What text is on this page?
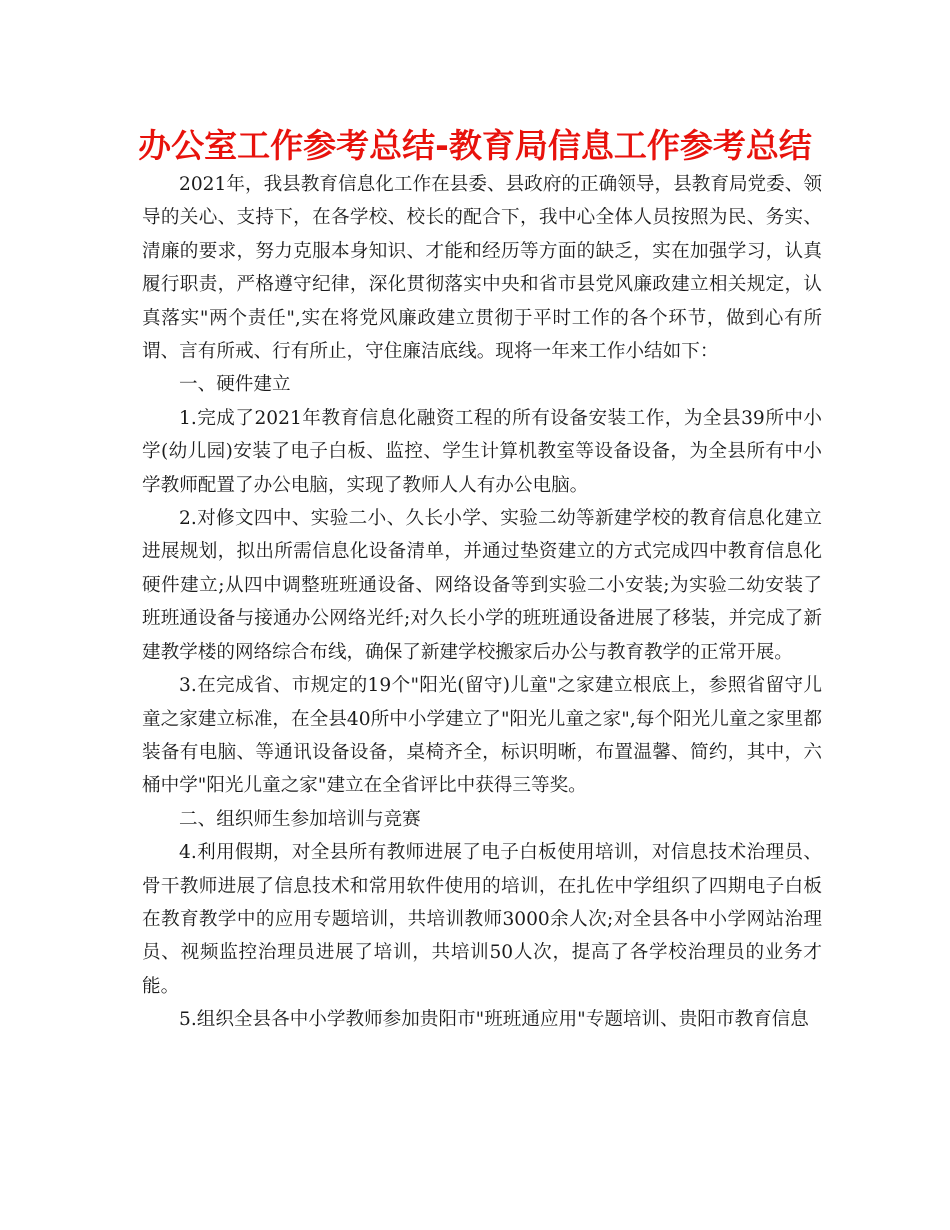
办公室工作参考总结-教育局信息工作参考总结

2021年，我县教育信息化工作在县委、县政府的正确领导，县教育局党委、领导的关心、支持下，在各学校、校长的配合下，我中心全体人员按照为民、务实、清廉的要求，努力克服本身知识、才能和经历等方面的缺乏，实在加强学习，认真履行职责，严格遵守纪律，深化贯彻落实中央和省市县党风廉政建立相关规定，认真落实"两个责任",实在将党风廉政建立贯彻于平时工作的各个环节，做到心有所谓、言有所戒、行有所止，守住廉洁底线。现将一年来工作小结如下：

一、硬件建立

1.完成了2021年教育信息化融资工程的所有设备安装工作，为全县39所中小学(幼儿园)安装了电子白板、监控、学生计算机教室等设备设备，为全县所有中小学教师配置了办公电脑，实现了教师人人有办公电脑。

2.对修文四中、实验二小、久长小学、实验二幼等新建学校的教育信息化建立进展规划，拟出所需信息化设备清单，并通过垫资建立的方式完成四中教育信息化硬件建立;从四中调整班班通设备、网络设备等到实验二小安装;为实验二幼安装了班班通设备与接通办公网络光纤;对久长小学的班班通设备进展了移装，并完成了新建教学楼的网络综合布线，确保了新建学校搬家后办公与教育教学的正常开展。

3.在完成省、市规定的19个"阳光(留守)儿童"之家建立根底上，参照省留守儿童之家建立标准，在全县40所中小学建立了"阳光儿童之家",每个阳光儿童之家里都装备有电脑、等通讯设备设备，桌椅齐全，标识明晰，布置温馨、简约，其中，六桶中学"阳光儿童之家"建立在全省评比中获得三等奖。

二、组织师生参加培训与竞赛

4.利用假期，对全县所有教师进展了电子白板使用培训，对信息技术治理员、骨干教师进展了信息技术和常用软件使用的培训，在扎佐中学组织了四期电子白板在教育教学中的应用专题培训，共培训教师3000余人次;对全县各中小学网站治理员、视频监控治理员进展了培训，共培训50人次，提高了各学校治理员的业务才能。

5.组织全县各中小学教师参加贵阳市"班班通应用"专题培训、贵阳市教育信息
